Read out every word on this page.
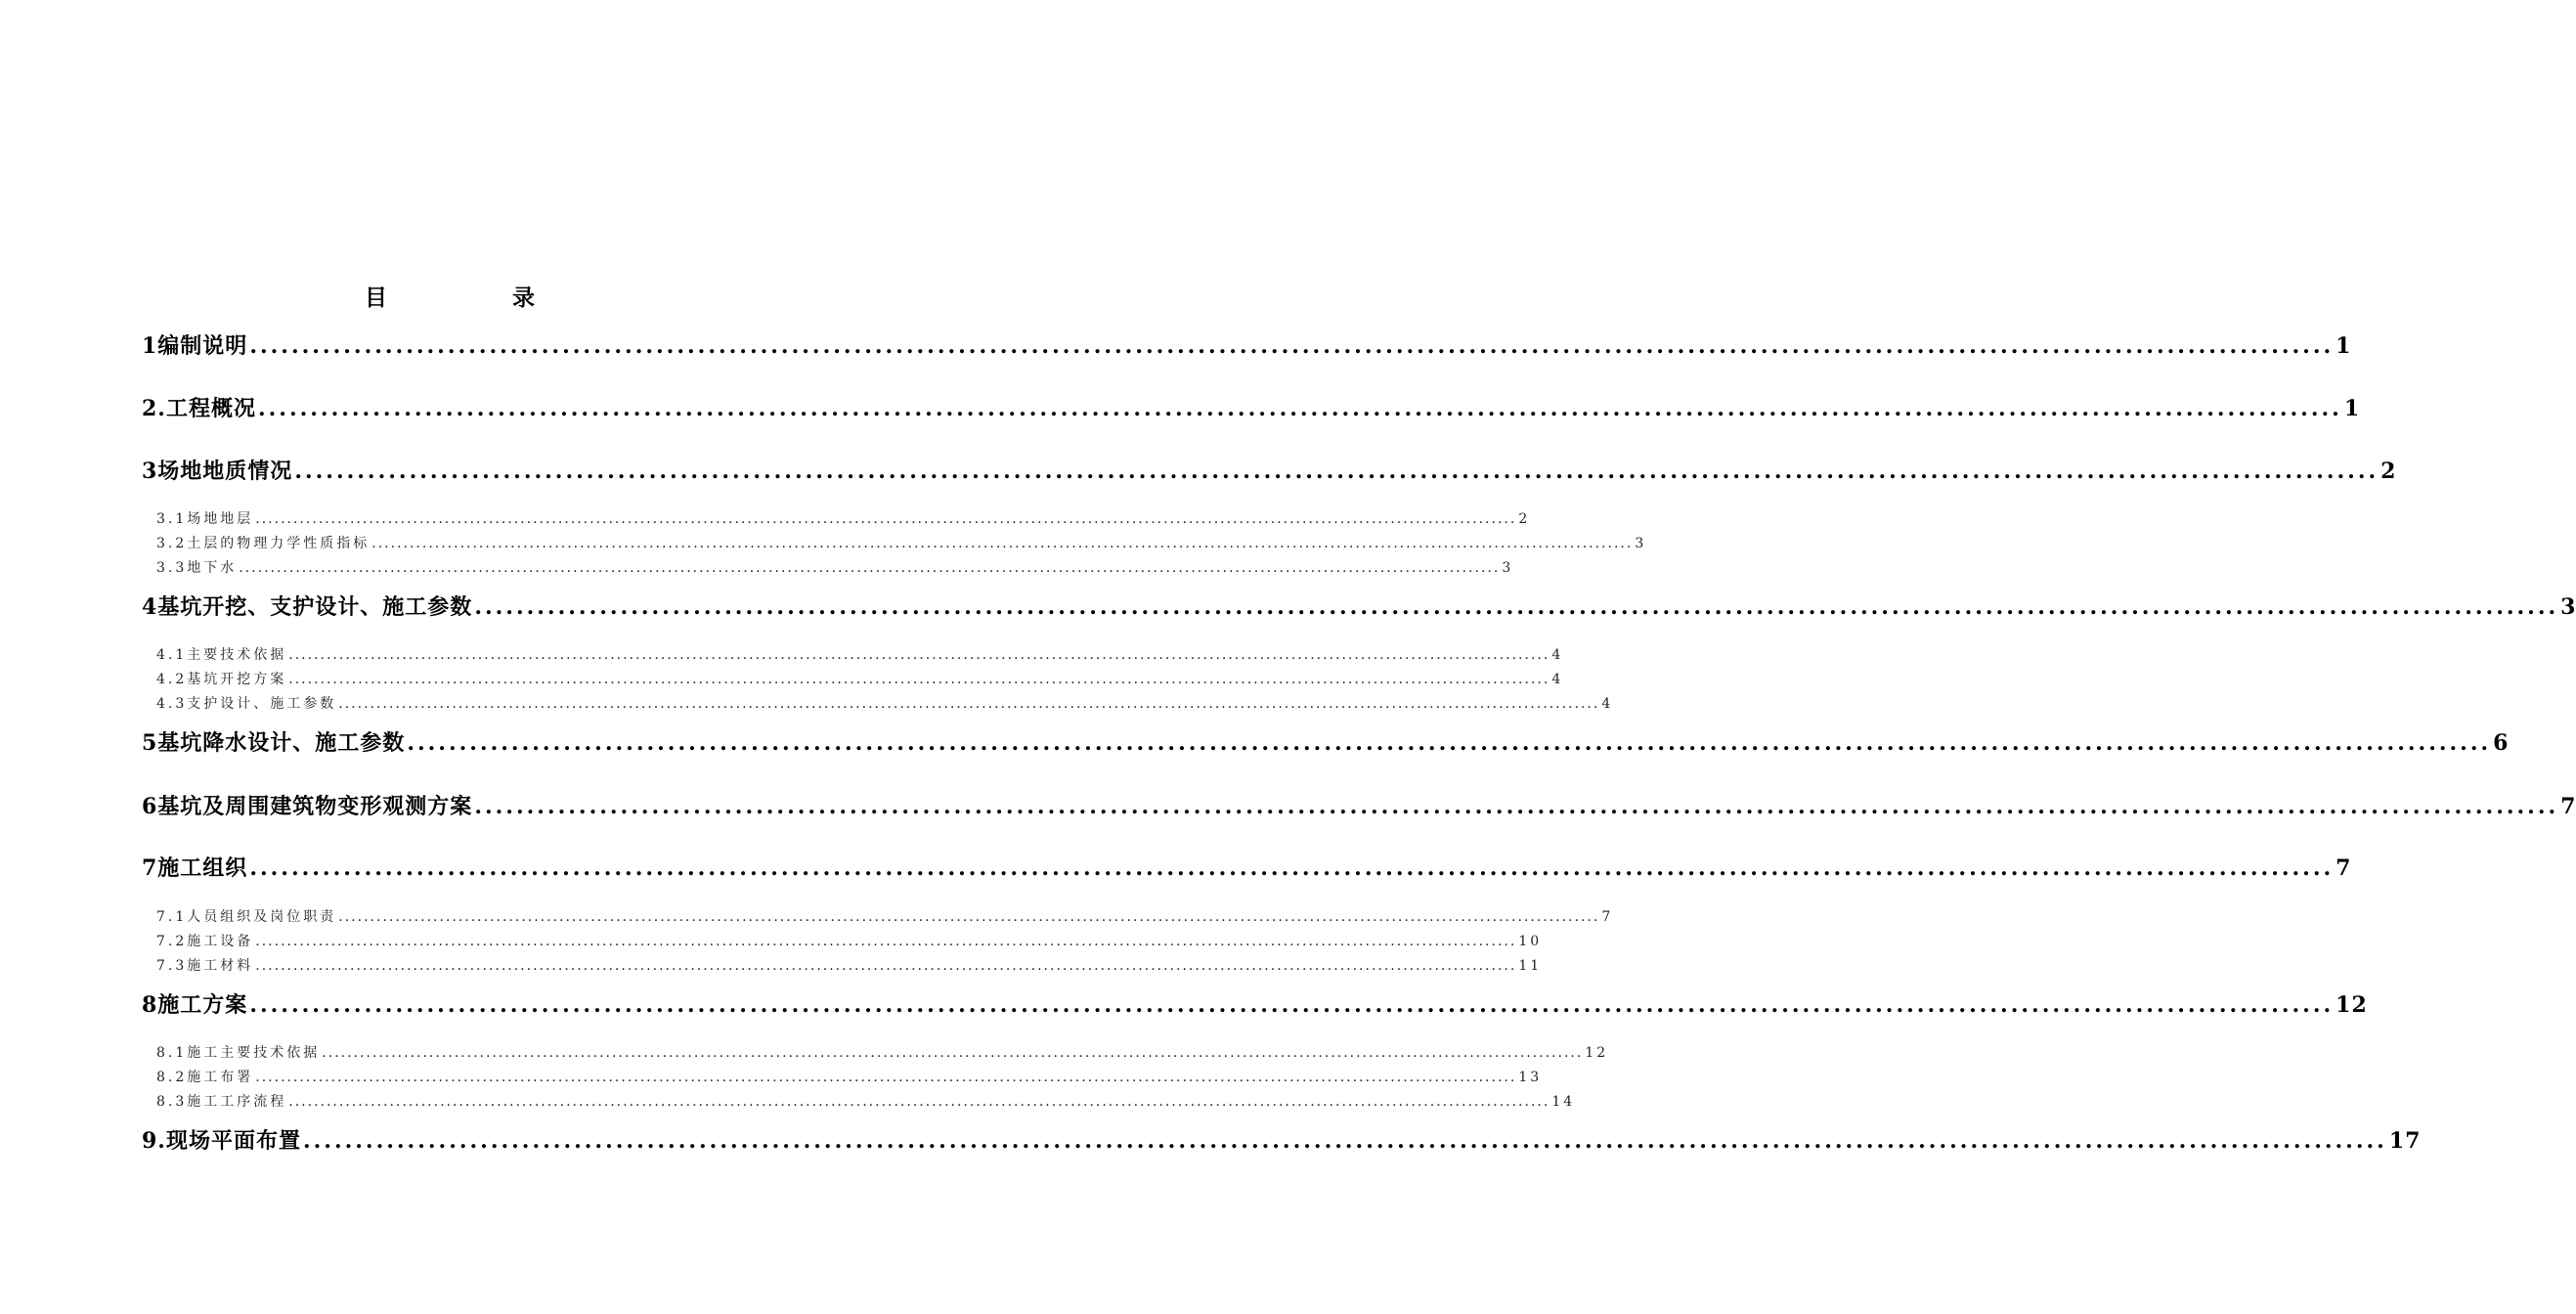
目 录
1编制说明 ........................................................................................................................................................................................................ 1
2.工程概况 ........................................................................................................................................................................................................ 1
3场地地质情况 ........................................................................................................................................................................................................ 2
3.1场地地层 ........................................................................................................................................................................................................ 2
3.2土层的物理力学性质指标 ........................................................................................................................................................................................................ 3
3.3地下水 ........................................................................................................................................................................................................ 3
4基坑开挖、支护设计、施工参数 ........................................................................................................................................................................................................ 3
4.1主要技术依据 ........................................................................................................................................................................................................ 4
4.2基坑开挖方案 ........................................................................................................................................................................................................ 4
4.3支护设计、施工参数 ........................................................................................................................................................................................................ 4
5基坑降水设计、施工参数 ........................................................................................................................................................................................................ 6
6基坑及周围建筑物变形观测方案 ........................................................................................................................................................................................................ 7
7施工组织 ........................................................................................................................................................................................................ 7
7.1人员组织及岗位职责 ........................................................................................................................................................................................................ 7
7.2施工设备 ........................................................................................................................................................................................................ 10
7.3施工材料 ........................................................................................................................................................................................................ 11
8施工方案 ........................................................................................................................................................................................................ 12
8.1施工主要技术依据 ........................................................................................................................................................................................................ 12
8.2施工布署 ........................................................................................................................................................................................................ 13
8.3施工工序流程 ........................................................................................................................................................................................................ 14
9.现场平面布置 ........................................................................................................................................................................................................ 17
